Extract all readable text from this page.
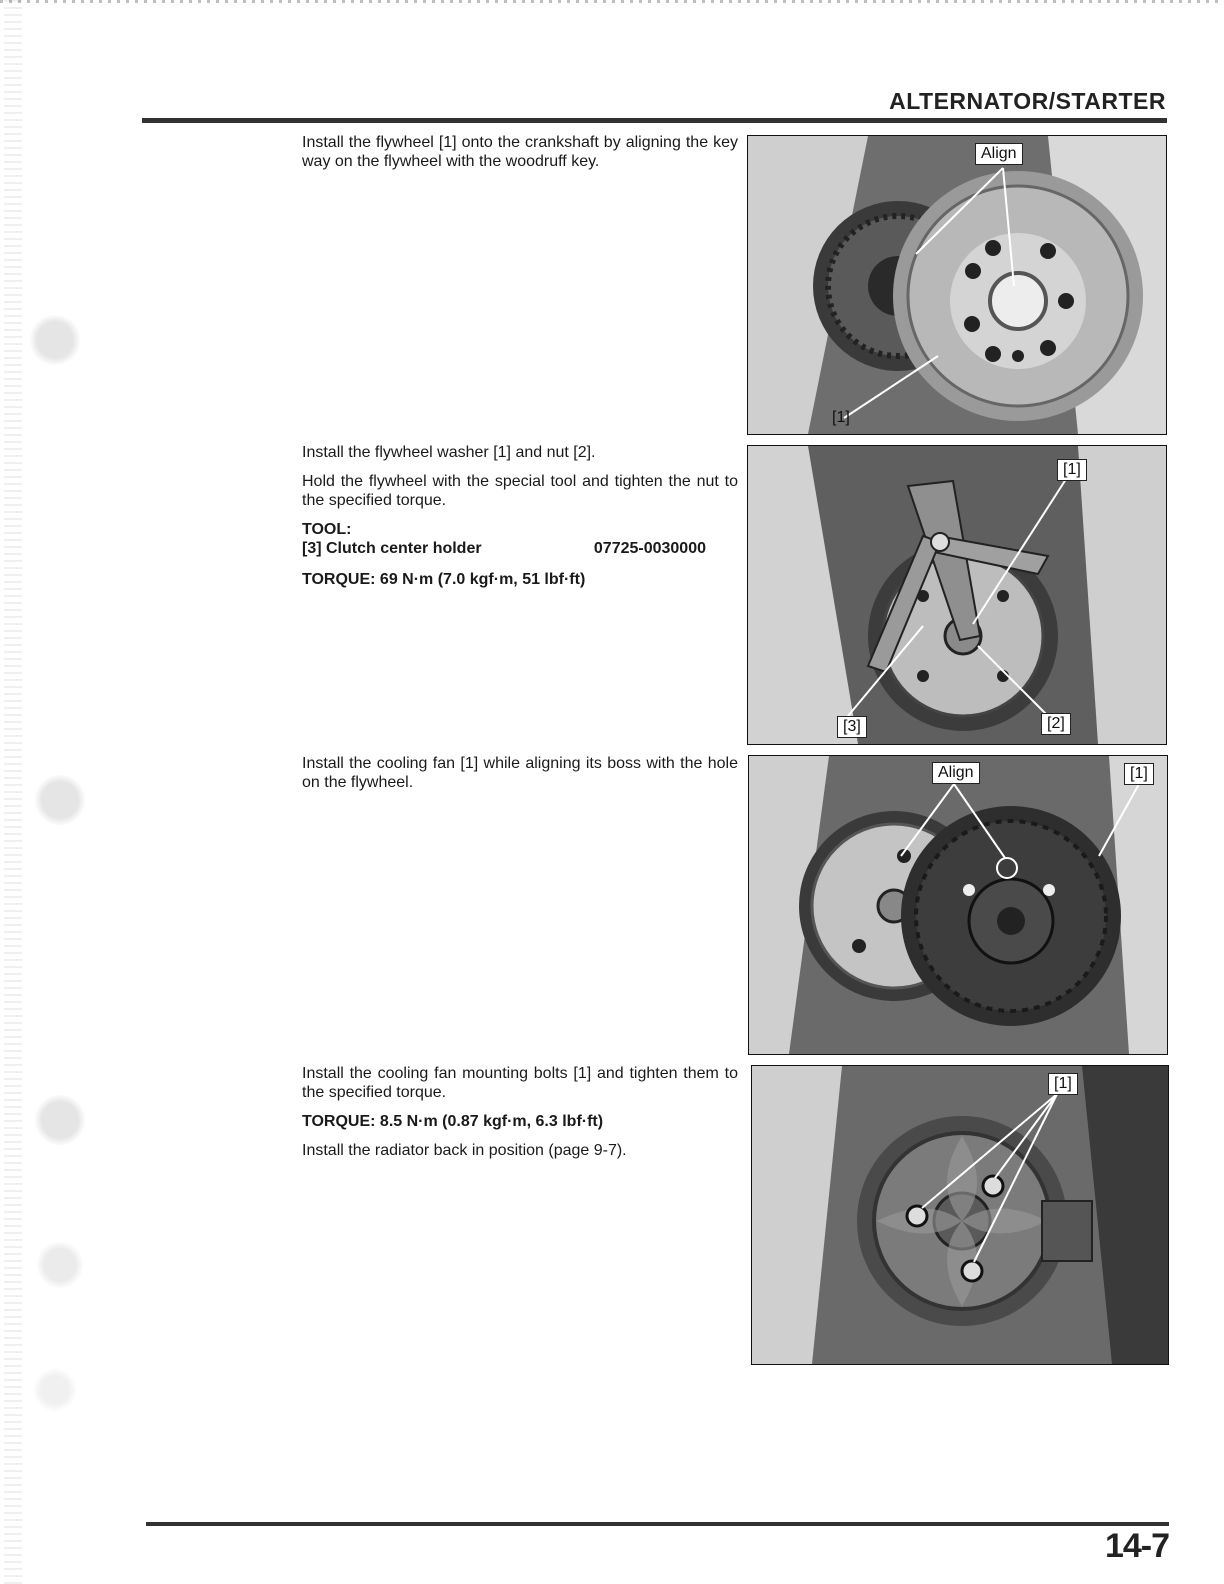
ALTERNATOR/STARTER

Install the flywheel [1] onto the crankshaft by aligning the key way on the flywheel with the woodruff key.	Align
[1]

Install the flywheel washer [1] and nut [2].

Hold the flywheel with the special tool and tighten the nut to the specified torque.

TOOL:
[3] Clutch center holder	07725-0030000
TORQUE: 69 N·m (7.0 kgf·m, 51 lbf·ft)
[1]
[3]	[2]

Install the cooling fan [1] while aligning its boss with the hole on the flywheel.

Align	[1]

Install the cooling fan mounting bolts [1] and tighten them to the specified torque.

TORQUE: 8.5 N·m (0.87 kgf·m, 6.3 lbf·ft)

Install the radiator back in position (page 9-7).

[1]
14-7
